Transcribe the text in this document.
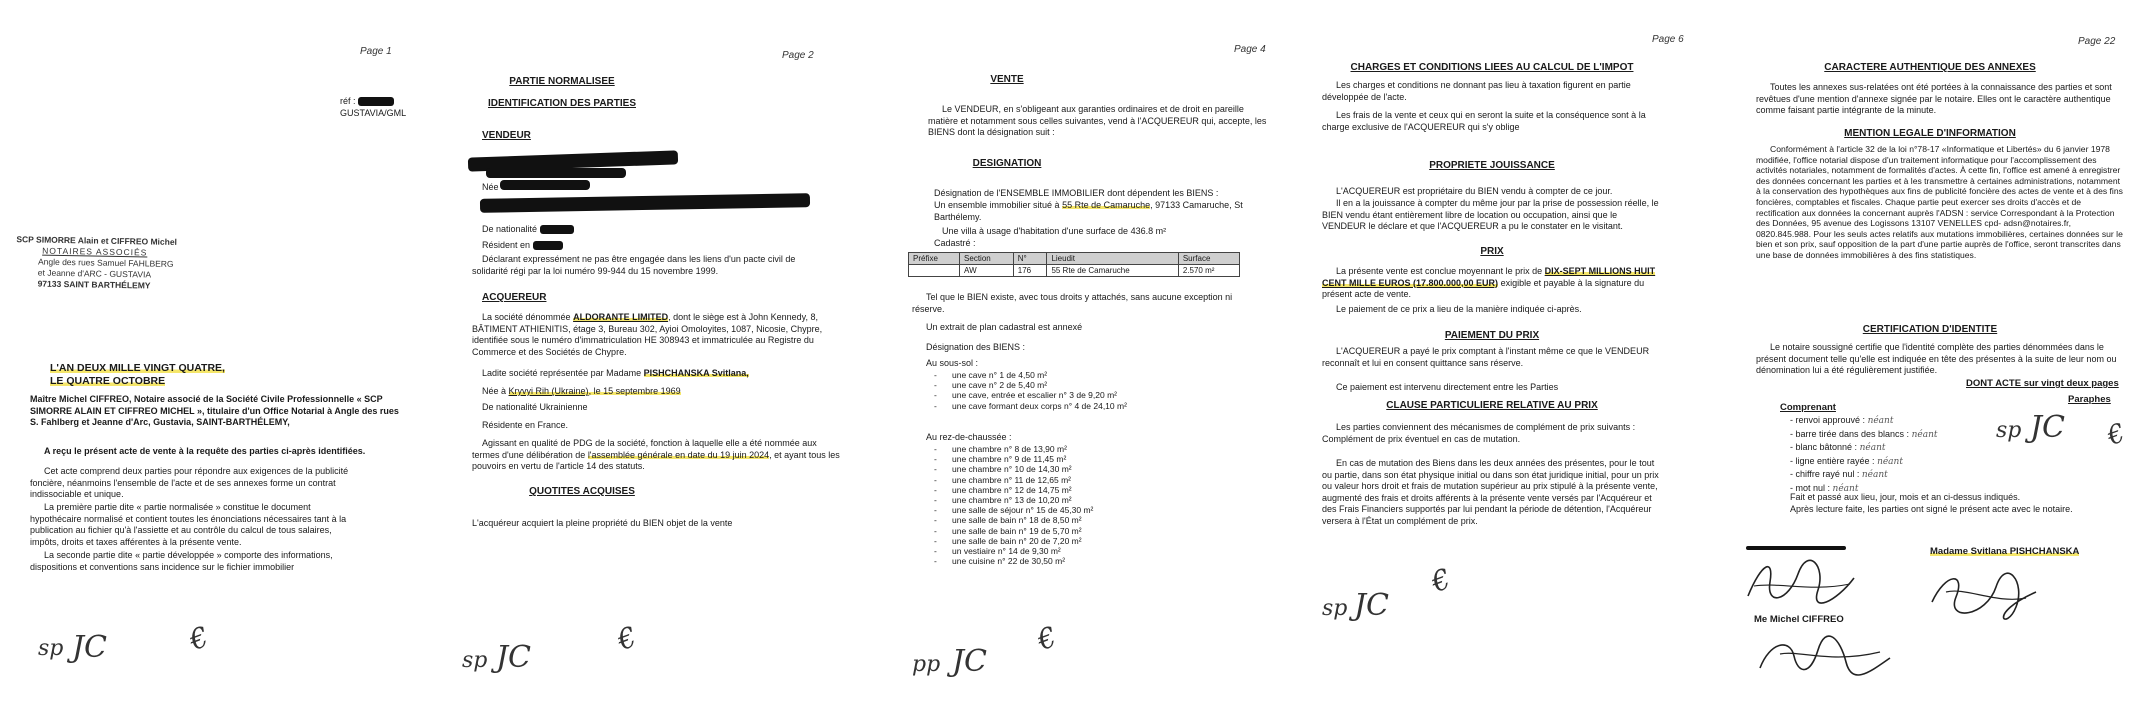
Page 1
réf :
GUSTAVIA/GML
SCP SIMORRE Alain et CIFFREO Michel
NOTAIRES ASSOCIÉS
Angle des rues Samuel FAHLBERG
et Jeanne d'ARC - GUSTAVIA
97133 SAINT BARTHÉLEMY
L'AN DEUX MILLE VINGT QUATRE,
LE QUATRE OCTOBRE
Maître Michel CIFFREO, Notaire associé de la Société Civile Professionnelle « SCP SIMORRE ALAIN ET CIFFREO MICHEL », titulaire d'un Office Notarial à Angle des rues S. Fahlberg et Jeanne d'Arc, Gustavia, SAINT-BARTHÉLEMY,
A reçu le présent acte de vente à la requête des parties ci-après identifiées.
Cet acte comprend deux parties pour répondre aux exigences de la publicité foncière, néanmoins l'ensemble de l'acte et de ses annexes forme un contrat indissociable et unique.
La première partie dite « partie normalisée » constitue le document hypothécaire normalisé et contient toutes les énonciations nécessaires tant à la publication au fichier qu'à l'assiette et au contrôle du calcul de tous salaires, impôts, droits et taxes afférentes à la présente vente.
La seconde partie dite « partie développée » comporte des informations, dispositions et conventions sans incidence sur le fichier immobilier
sp JC	€
Page 2
PARTIE NORMALISEE
IDENTIFICATION DES PARTIES
VENDEUR
Née
De nationalité
Résident en
Déclarant expressément ne pas être engagée dans les liens d'un pacte civil de solidarité régi par la loi numéro 99-944 du 15 novembre 1999.
ACQUEREUR
La société dénommée ALDORANTE LIMITED, dont le siège est à John Kennedy, 8, BÂTIMENT ATHIENITIS, étage 3, Bureau 302, Ayioi Omoloyites, 1087, Nicosie, Chypre, identifiée sous le numéro d'immatriculation HE 308943 et immatriculée au Registre du Commerce et des Sociétés de Chypre.
Ladite société représentée par Madame PISHCHANSKA Svitlana,
Née à Kryvyi Rih (Ukraine), le 15 septembre 1969
De nationalité Ukrainienne
Résidente en France.
Agissant en qualité de PDG de la société, fonction à laquelle elle a été nommée aux termes d'une délibération de l'assemblée générale en date du 19 juin 2024, et ayant tous les pouvoirs en vertu de l'article 14 des statuts.
QUOTITES ACQUISES
L'acquéreur acquiert la pleine propriété du BIEN objet de la vente
sp JC
€
Page 4
VENTE
Le VENDEUR, en s'obligeant aux garanties ordinaires et de droit en pareille matière et notamment sous celles suivantes, vend à l'ACQUEREUR qui, accepte, les BIENS dont la désignation suit :
DESIGNATION
Désignation de l'ENSEMBLE IMMOBILIER dont dépendent les BIENS :
Un ensemble immobilier situé à 55 Rte de Camaruche, 97133 Camaruche, St Barthélemy.
Une villa à usage d'habitation d'une surface de 436.8 m²
Cadastré :
Préfixe	Section	N°	Lieudit	Surface
	AW	176	55 Rte de Camaruche	2.570 m²
Tel que le BIEN existe, avec tous droits y attachés, sans aucune exception ni réserve.
Un extrait de plan cadastral est annexé
Désignation des BIENS :
Au sous-sol :
- une cave n° 1 de 4,50 m²
- une cave n° 2 de 5,40 m²
- une cave, entrée et escalier n° 3 de 9,20 m²
- une cave formant deux corps n° 4 de 24,10 m²
Au rez-de-chaussée :
- une chambre n° 8 de 13,90 m²
- une chambre n° 9 de 11,45 m²
- une chambre n° 10 de 14,30 m²
- une chambre n° 11 de 12,65 m²
- une chambre n° 12 de 14,75 m²
- une chambre n° 13 de 10,20 m²
- une salle de séjour n° 15 de 45,30 m²
- une salle de bain n° 18 de 8,50 m²
- une salle de bain n° 19 de 5,70 m²
- une salle de bain n° 20 de 7,20 m²
- un vestiaire n° 14 de 9,30 m²
- une cuisine n° 22 de 30,50 m²
pp JC
€
Page 6
CHARGES ET CONDITIONS LIEES AU CALCUL DE L'IMPOT
Les charges et conditions ne donnant pas lieu à taxation figurent en partie développée de l'acte.
Les frais de la vente et ceux qui en seront la suite et la conséquence sont à la charge exclusive de l'ACQUEREUR qui s'y oblige
PROPRIETE JOUISSANCE
L'ACQUEREUR est propriétaire du BIEN vendu à compter de ce jour.
Il en a la jouissance à compter du même jour par la prise de possession réelle, le BIEN vendu étant entièrement libre de location ou occupation, ainsi que le VENDEUR le déclare et que l'ACQUEREUR a pu le constater en le visitant.
PRIX
La présente vente est conclue moyennant le prix de DIX-SEPT MILLIONS HUIT CENT MILLE EUROS (17.800.000,00 EUR) exigible et payable à la signature du présent acte de vente.
Le paiement de ce prix a lieu de la manière indiquée ci-après.
PAIEMENT DU PRIX
L'ACQUEREUR a payé le prix comptant à l'instant même ce que le VENDEUR reconnaît et lui en consent quittance sans réserve.
Ce paiement est intervenu directement entre les Parties
CLAUSE PARTICULIERE RELATIVE AU PRIX
Les parties conviennent des mécanismes de complément de prix suivants : Complément de prix éventuel en cas de mutation.
En cas de mutation des Biens dans les deux années des présentes, pour le tout ou partie, dans son état physique initial ou dans son état juridique initial, pour un prix ou valeur hors droit et frais de mutation supérieur au prix stipulé à la présente vente, augmenté des frais et droits afférents à la présente vente versés par l'Acquéreur et des Frais Financiers supportés par lui pendant la période de détention, l'Acquéreur versera à l'État un complément de prix.
sp JC
€
Page 22
CARACTERE AUTHENTIQUE DES ANNEXES
Toutes les annexes sus-relatées ont été portées à la connaissance des parties et sont revêtues d'une mention d'annexe signée par le notaire. Elles ont le caractère authentique comme faisant partie intégrante de la minute.
MENTION LEGALE D'INFORMATION
Conformément à l'article 32 de la loi n°78-17 «Informatique et Libertés» du 6 janvier 1978 modifiée, l'office notarial dispose d'un traitement informatique pour l'accomplissement des activités notariales, notamment de formalités d'actes. À cette fin, l'office est amené à enregistrer des données concernant les parties et à les transmettre à certaines administrations, notamment à la conservation des hypothèques aux fins de publicité foncière des actes de vente et à des fins foncières, comptables et fiscales. Chaque partie peut exercer ses droits d'accès et de rectification aux données la concernant auprès l'ADSN : service Correspondant à la Protection des Données, 95 avenue des Logissons 13107 VENELLES cpd- adsn@notaires.fr, 0820.845.988. Pour les seuls actes relatifs aux mutations immobilières, certaines données sur le bien et son prix, sauf opposition de la part d'une partie auprès de l'office, seront transcrites dans une base de données immobilières à des fins statistiques.
CERTIFICATION D'IDENTITE
Le notaire soussigné certifie que l'identité complète des parties dénommées dans le présent document telle qu'elle est indiquée en tête des présentes à la suite de leur nom ou dénomination lui a été régulièrement justifiée.
DONT ACTE sur vingt deux pages
Paraphes
Comprenant
- renvoi approuvé : néant
- barre tirée dans des blancs : néant
- blanc bâtonné : néant
- ligne entière rayée : néant
- chiffre rayé nul : néant
- mot nul : néant
sp JC €
Fait et passé aux lieu, jour, mois et an ci-dessus indiqués.
Après lecture faite, les parties ont signé le présent acte avec le notaire.
Madame Svitlana PISHCHANSKA
Me Michel CIFFREO
